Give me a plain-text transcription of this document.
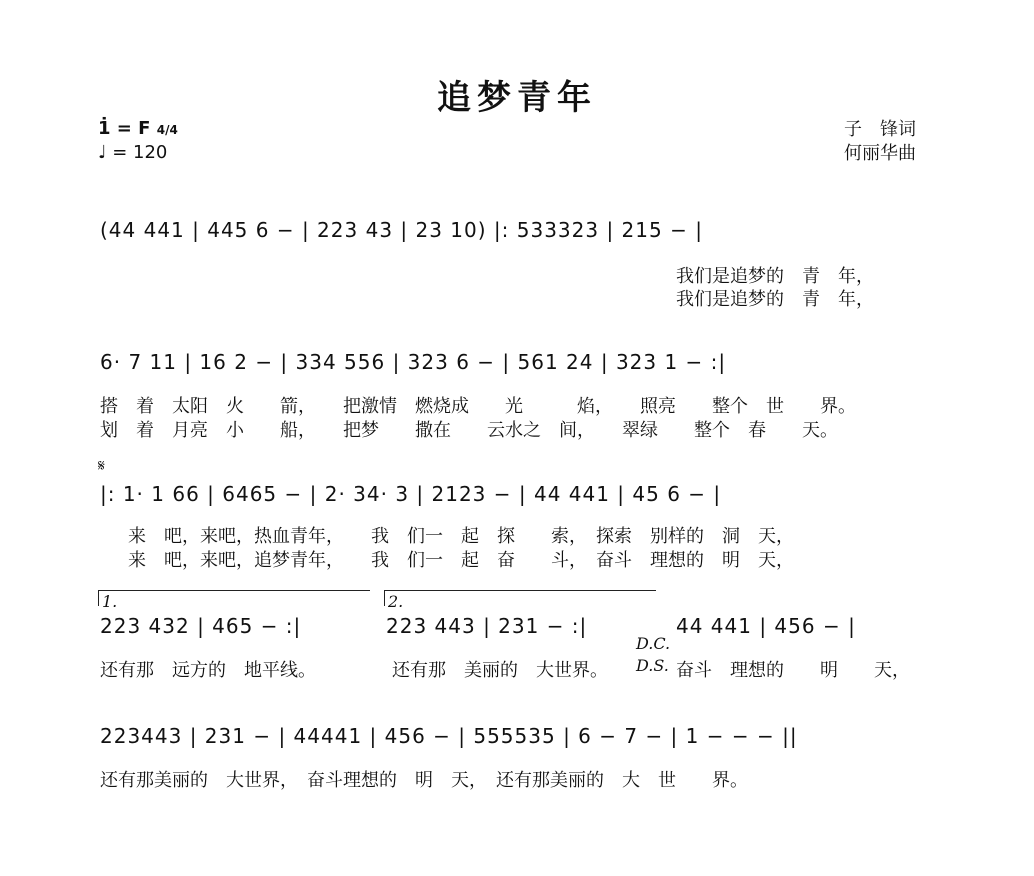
追梦青年
1̇ = F 4/4
♩ = 120
子　锋词
何丽华曲
(44 441 | 445 6 − | 223 43 | 23 10) |: 533323 | 215 − |
我们是追梦的　青　年，
我们是追梦的　青　年，
6· 7 11 | 16 2 − | 334 556 | 323 6 − | 561 24 | 323 1 − :|
搭　着　太阳　火　　箭，　　把激情　燃烧成　　光　　　焰，　　照亮　　整个　世　　界。
划　着　月亮　小　　船，　　把梦　　撒在　　云水之　间，　　翠绿　　整个　春　　天。
𝄋
|: 1· 1 66 | 6465 − | 2· 34· 3 | 2123 − | 44 441 | 45 6 − |
来　吧，来吧，热血青年，　　我　们一　起　探　　索，　探索　别样的　洞　天，
来　吧，来吧，追梦青年，　　我　们一　起　奋　　斗，　奋斗　理想的　明　天，
1.	2.
223 432 | 465 − :|	223 443 | 231 − :|	44 441 | 456 − |
D.C.
D.S.
还有那　远方的　地平线。	还有那　美丽的　大世界。	奋斗　理想的　　明　　天，
223443 | 231 − | 44441 | 456 − | 555535 | 6 − 7 − | 1 − − − ||
还有那美丽的　大世界，　奋斗理想的　明　天，　还有那美丽的　大　世　　界。
